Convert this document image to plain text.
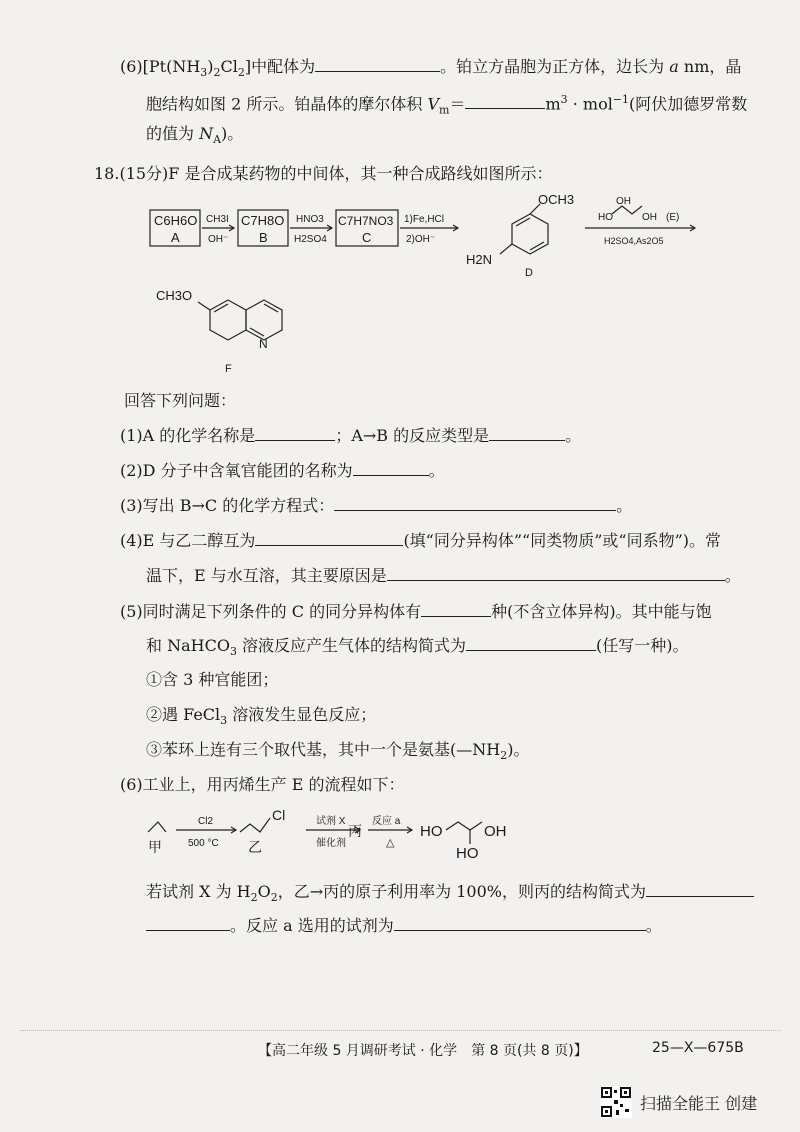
$(6)[Pt(NH_3)_2Cl_2]$中配体为	。铂立方晶胞为正方体，边长为 a nm，晶
胞结构如图 2 所示。铂晶体的摩尔体积 $V_m=$	$m^3 \cdot mol^{-1}$(阿伏加德罗常数
的值为 $N_A$)。
18.(15分)F 是合成某药物的中间体，其一种合成路线如图所示：
C6H6O
A
CH3I
OH⁻
C7H8O
B
HNO3
H2SO4
C7H7NO3
C
1)Fe,HCl
2)OH⁻
OCH3
H2N
D
HO
OH
OH (E)
H2SO4,As2O5
CH3O
N
F
回答下列问题：
(1)A 的化学名称是	；A→B 的反应类型是	。
(2)D 分子中含氧官能团的名称为	。
(3)写出 B→C 的化学方程式：	。
(4)E 与乙二醇互为	(填“同分异构体”“同类物质”或“同系物”)。常
温下，E 与水互溶，其主要原因是	。
(5)同时满足下列条件的 C 的同分异构体有	种(不含立体异构)。其中能与饱
和 NaHCO$_3$ 溶液反应产生气体的结构简式为	(任写一种)。
①含 3 种官能团；
②遇 FeCl$_3$ 溶液发生显色反应；
③苯环上连有三个取代基，其中一个是氨基$(—NH_2)$。
(6)工业上，用丙烯生产 E 的流程如下：
甲
Cl2
500 °C
Cl
乙
试剂 X
催化剂
丙
反应 a
△
HO	OH
HO
若试剂 X 为 $H_2O_2$，乙→丙的原子利用率为 100%，则丙的结构简式为
。反应 a 选用的试剂为	。
【高二年级 5 月调研考试 · 化学　第 8 页(共 8 页)】	25—X—675B
扫描全能王 创建
